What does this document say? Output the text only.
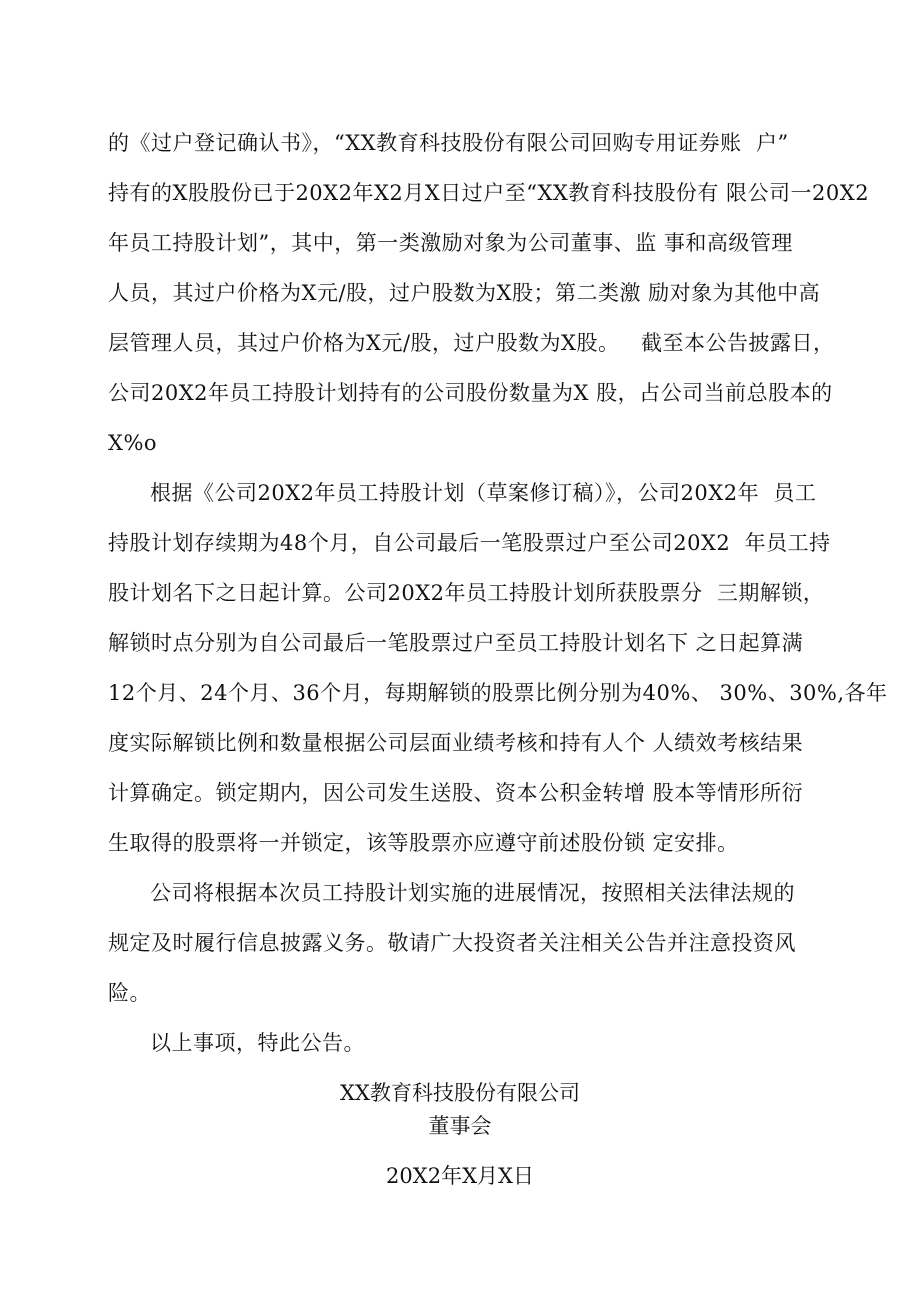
的《过户登记确认书》，“XX教育科技股份有限公司回购专用证券账  户”
持有的X股股份已于20X2年X2月X日过户至“XX教育科技股份有 限公司一20X2
年员工持股计划”，其中，第一类激励对象为公司董事、监 事和高级管理
人员，其过户价格为X元/股，过户股数为X股；第二类激 励对象为其他中高
层管理人员，其过户价格为X元/股，过户股数为X股。   截至本公告披露日，
公司20X2年员工持股计划持有的公司股份数量为X 股，占公司当前总股本的
X%o
根据《公司20X2年员工持股计划（草案修订稿）》，公司20X2年  员工
持股计划存续期为48个月，自公司最后一笔股票过户至公司20X2  年员工持
股计划名下之日起计算。公司20X2年员工持股计划所获股票分  三期解锁，
解锁时点分别为自公司最后一笔股票过户至员工持股计划名下 之日起算满
12个月、24个月、36个月，每期解锁的股票比例分别为40%、 30%、30%,各年
度实际解锁比例和数量根据公司层面业绩考核和持有人个 人绩效考核结果
计算确定。锁定期内，因公司发生送股、资本公积金转增 股本等情形所衍
生取得的股票将一并锁定，该等股票亦应遵守前述股份锁 定安排。
公司将根据本次员工持股计划实施的进展情况，按照相关法律法规的
规定及时履行信息披露义务。敬请广大投资者关注相关公告并注意投资风
险。
以上事项，特此公告。
XX教育科技股份有限公司
董事会
20X2年X月X日
